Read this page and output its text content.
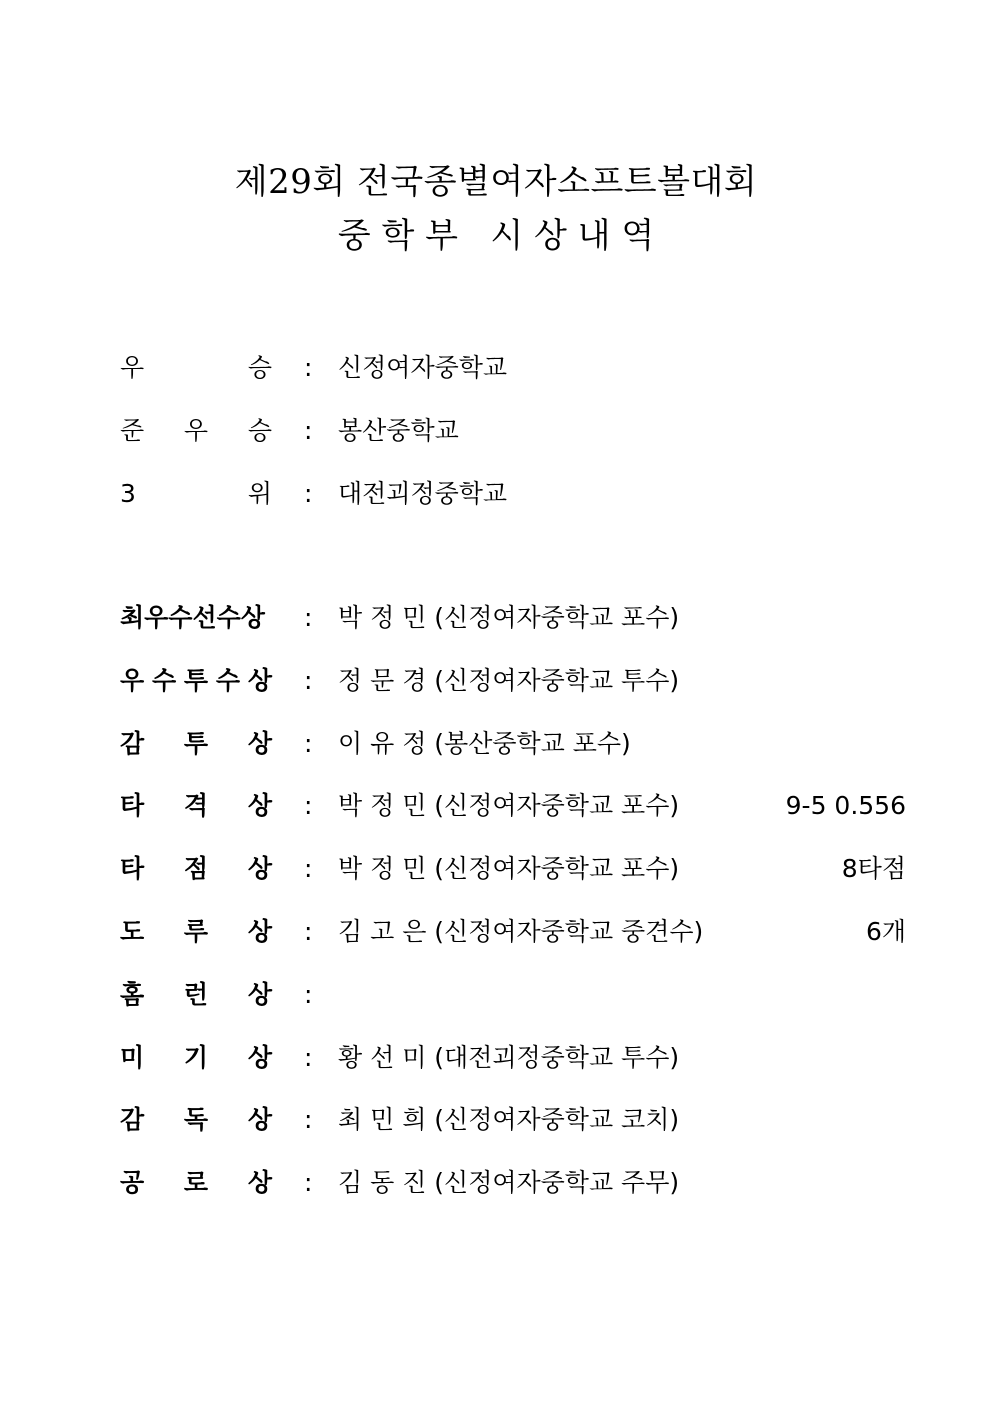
제29회 전국종별여자소프트볼대회
중 학 부   시 상 내 역
우	승 : 신정여자중학교
준 우 승 : 봉산중학교
3	위 : 대전괴정중학교
최우수선수상 : 박 정 민 (신정여자중학교 포수)
우 수 투 수 상 : 정 문 경 (신정여자중학교 투수)
감 투 상 : 이 유 정 (봉산중학교 포수)
타 격 상 : 박 정 민 (신정여자중학교 포수)	9-5 0.556
타 점 상 : 박 정 민 (신정여자중학교 포수)	8타점
도 루 상 : 김 고 은 (신정여자중학교 중견수)	6개
홈 런 상 :
미 기 상 : 황 선 미 (대전괴정중학교 투수)
감 독 상 : 최 민 희 (신정여자중학교 코치)
공 로 상 : 김 동 진 (신정여자중학교 주무)
